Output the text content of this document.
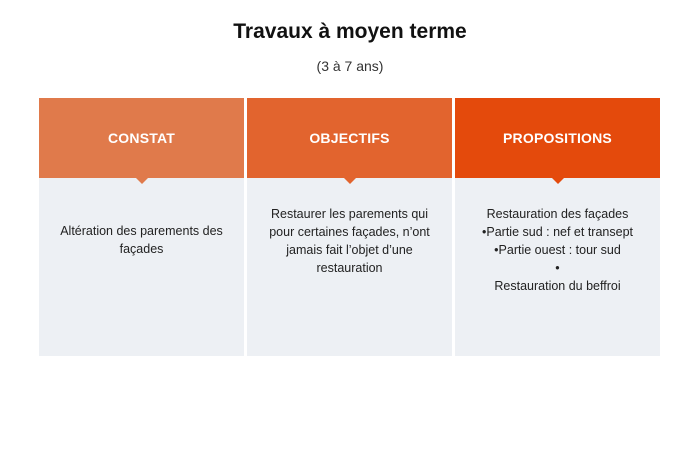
Travaux à moyen terme
(3 à 7 ans)
CONSTAT
Altération des parements des
façades
OBJECTIFS
Restaurer les parements qui
pour certaines façades, n’ont
jamais fait l’objet d’une
restauration
PROPOSITIONS
Restauration des façades
•Partie sud : nef et transept
•Partie ouest : tour sud
•
Restauration du beffroi
